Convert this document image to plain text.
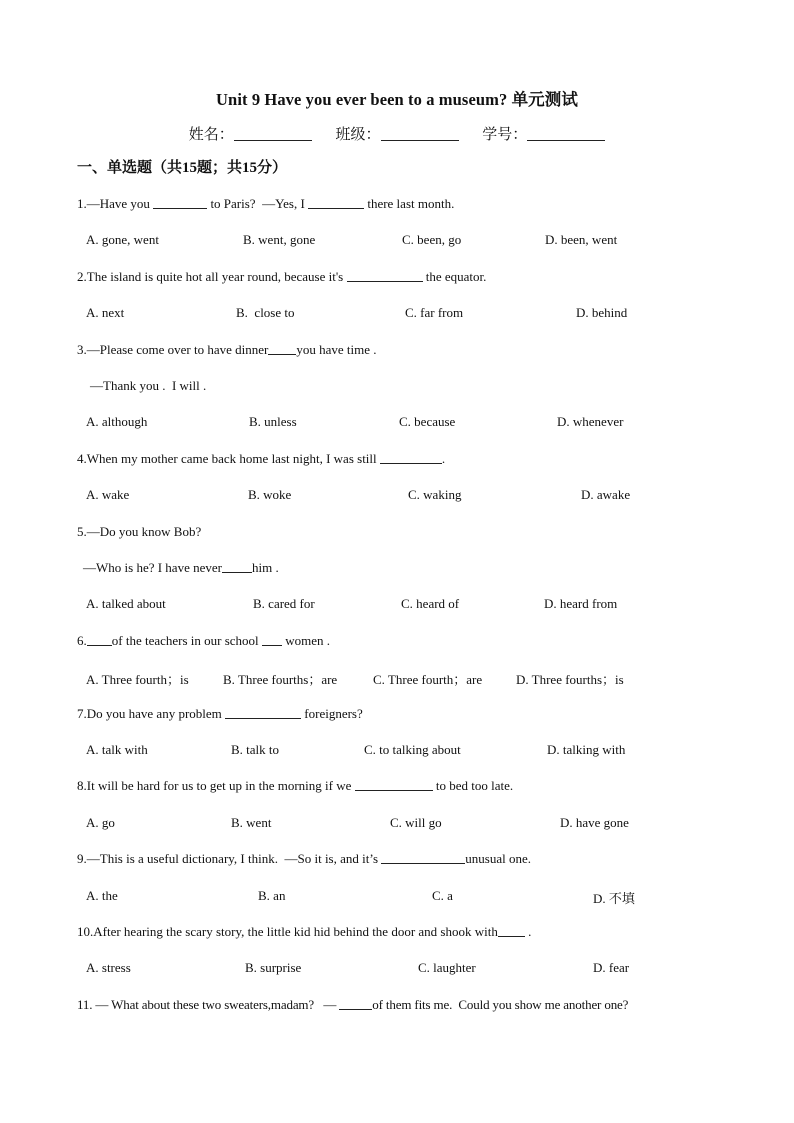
Unit 9 Have you ever been to a museum? 单元测试
姓名：	班级：	学号：
一、单选题（共15题；共15分）
1.—Have you	to Paris?  —Yes, I	there last month.
A. gone, went	B. went, gone	C. been, go	D. been, went
2.The island is quite hot all year round, because it's	the equator.
A. next	B.  close to	C. far from	D. behind
3.—Please come over to have dinner you have time .
—Thank you .  I will .
A. although	B. unless	C. because	D. whenever
4.When my mother came back home last night, I was still	.
A. wake	B. woke	C. waking	D. awake
5.—Do you know Bob?
—Who is he? I have never him .
A. talked about	B. cared for	C. heard of	D. heard from
6. of the teachers in our school  women .
A. Three fourth；is	B. Three fourths；are	C. Three fourth；are	D. Three fourths；is
7.Do you have any problem	foreigners?
A. talk with	B. talk to	C. to talking about	D. talking with
8.It will be hard for us to get up in the morning if we	to bed too late.
A. go	B. went	C. will go	D. have gone
9.—This is a useful dictionary, I think.  —So it is, and it’s	unusual one.
A. the	B. an	C. a	D. 不填
10.After hearing the scary story, the little kid hid behind the door and shook with .
A. stress	B. surprise	C. laughter	D. fear
11. — What about these two sweaters,madam?   —	of them fits me.  Could you show me another one?
